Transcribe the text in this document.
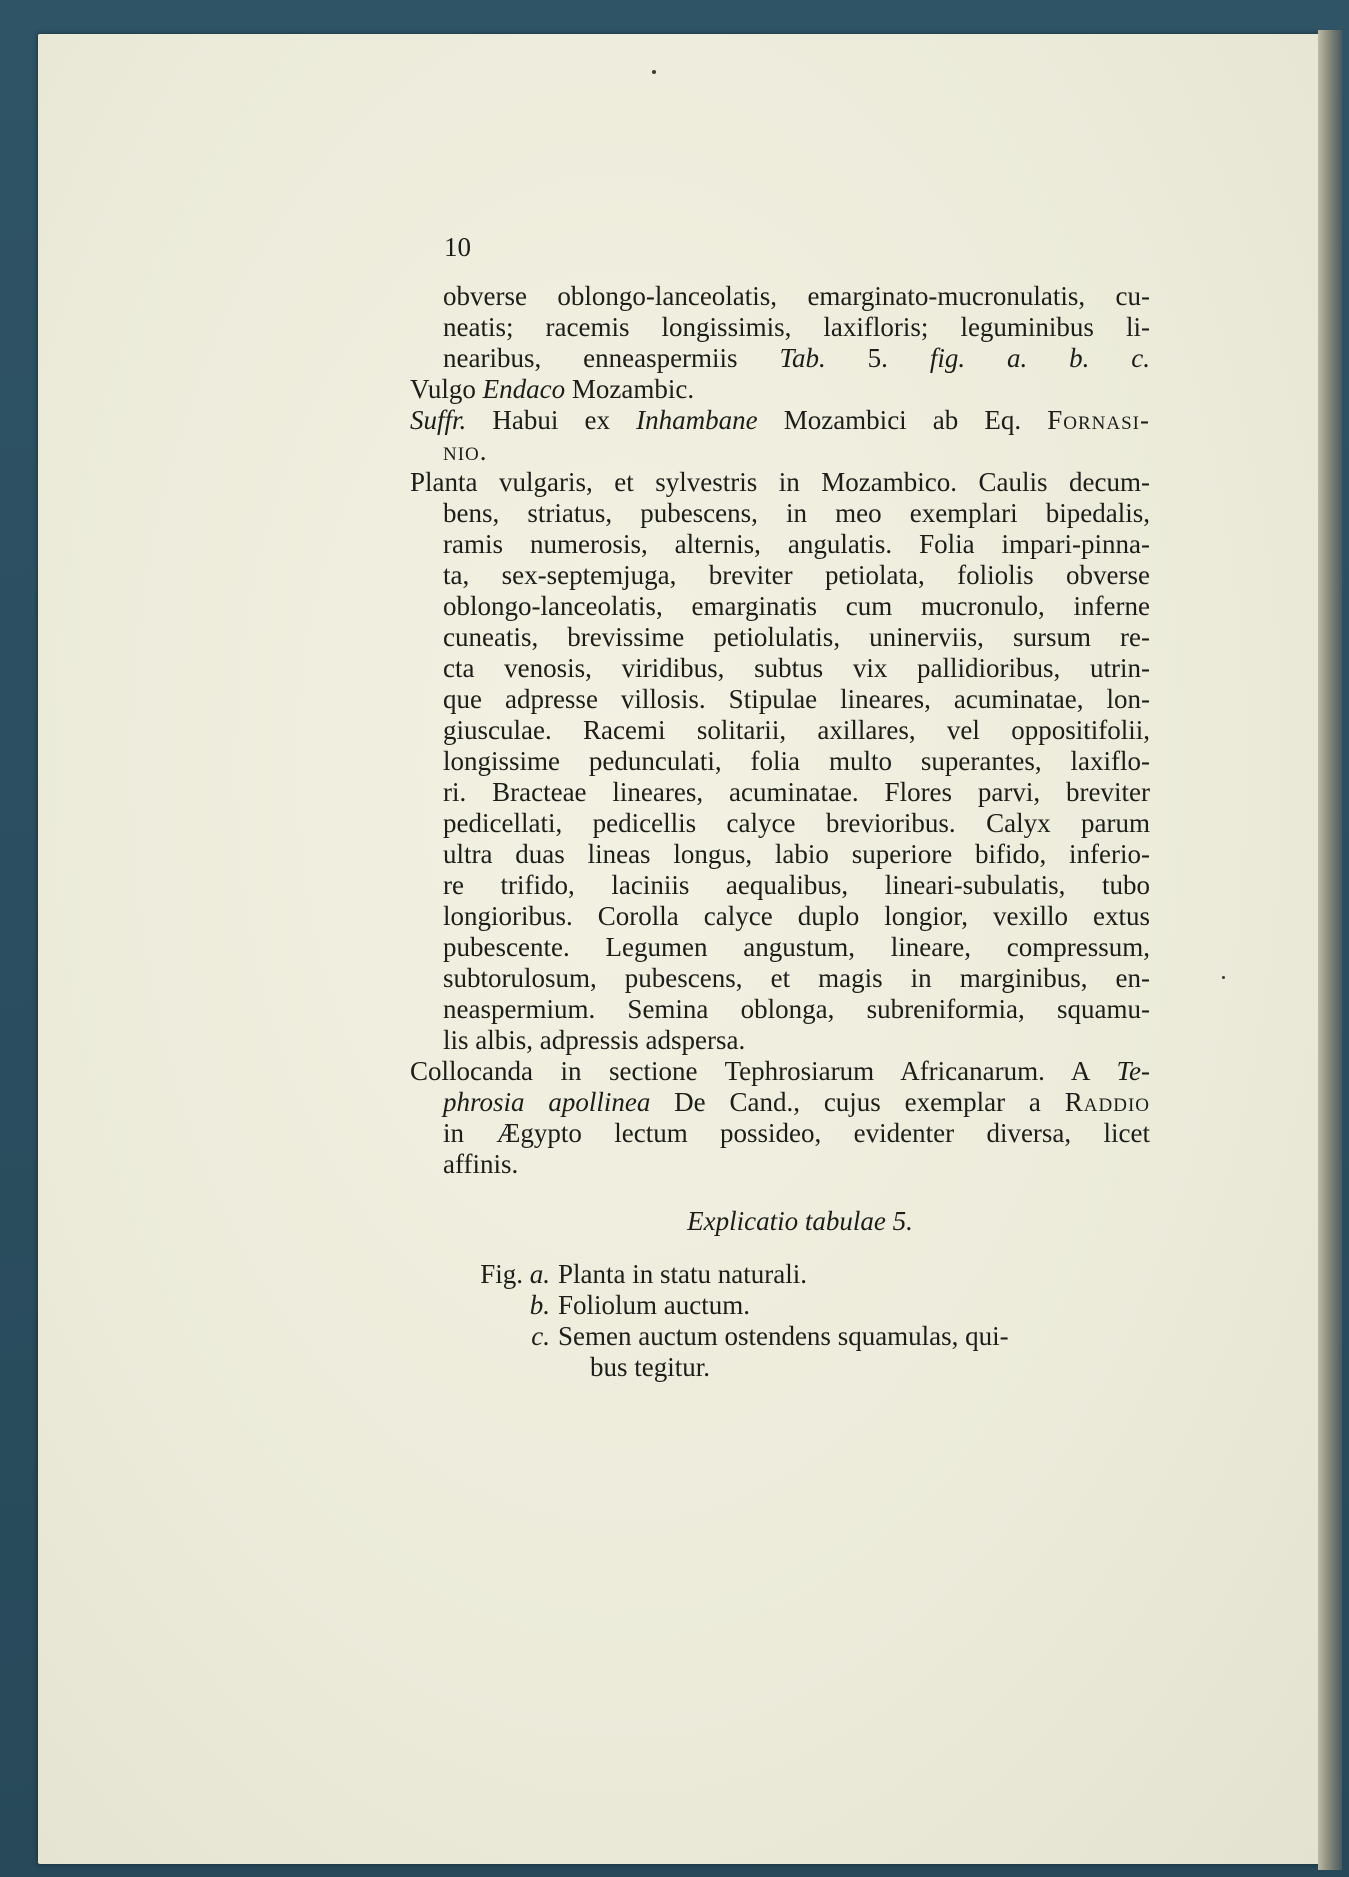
10
obverse oblongo-lanceolatis, emarginato-mucronulatis, cu-
neatis; racemis longissimis, laxifloris; leguminibus li-
nearibus, enneaspermiis Tab. 5. fig. a. b. c.
Vulgo Endaco Mozambic.
Suffr. Habui ex Inhambane Mozambici ab Eq. Fornasi-
nio.
Planta vulgaris, et sylvestris in Mozambico. Caulis decum-
bens, striatus, pubescens, in meo exemplari bipedalis,
ramis numerosis, alternis, angulatis. Folia impari-pinna-
ta, sex-septemjuga, breviter petiolata, foliolis obverse
oblongo-lanceolatis, emarginatis cum mucronulo, inferne
cuneatis, brevissime petiolulatis, uninerviis, sursum re-
cta venosis, viridibus, subtus vix pallidioribus, utrin-
que adpresse villosis. Stipulae lineares, acuminatae, lon-
giusculae. Racemi solitarii, axillares, vel oppositifolii,
longissime pedunculati, folia multo superantes, laxiflo-
ri. Bracteae lineares, acuminatae. Flores parvi, breviter
pedicellati, pedicellis calyce brevioribus. Calyx parum
ultra duas lineas longus, labio superiore bifido, inferio-
re trifido, laciniis aequalibus, lineari-subulatis, tubo
longioribus. Corolla calyce duplo longior, vexillo extus
pubescente. Legumen angustum, lineare, compressum,
subtorulosum, pubescens, et magis in marginibus, en-
neaspermium. Semina oblonga, subreniformia, squamu-
lis albis, adpressis adspersa.
Collocanda in sectione Tephrosiarum Africanarum. A Te-
phrosia apollinea De Cand., cujus exemplar a Raddio
in Ægypto lectum possideo, evidenter diversa, licet
affinis.
Explicatio tabulae 5.
Fig. a. Planta in statu naturali.
b. Foliolum auctum.
c. Semen auctum ostendens squamulas, qui-
bus tegitur.
